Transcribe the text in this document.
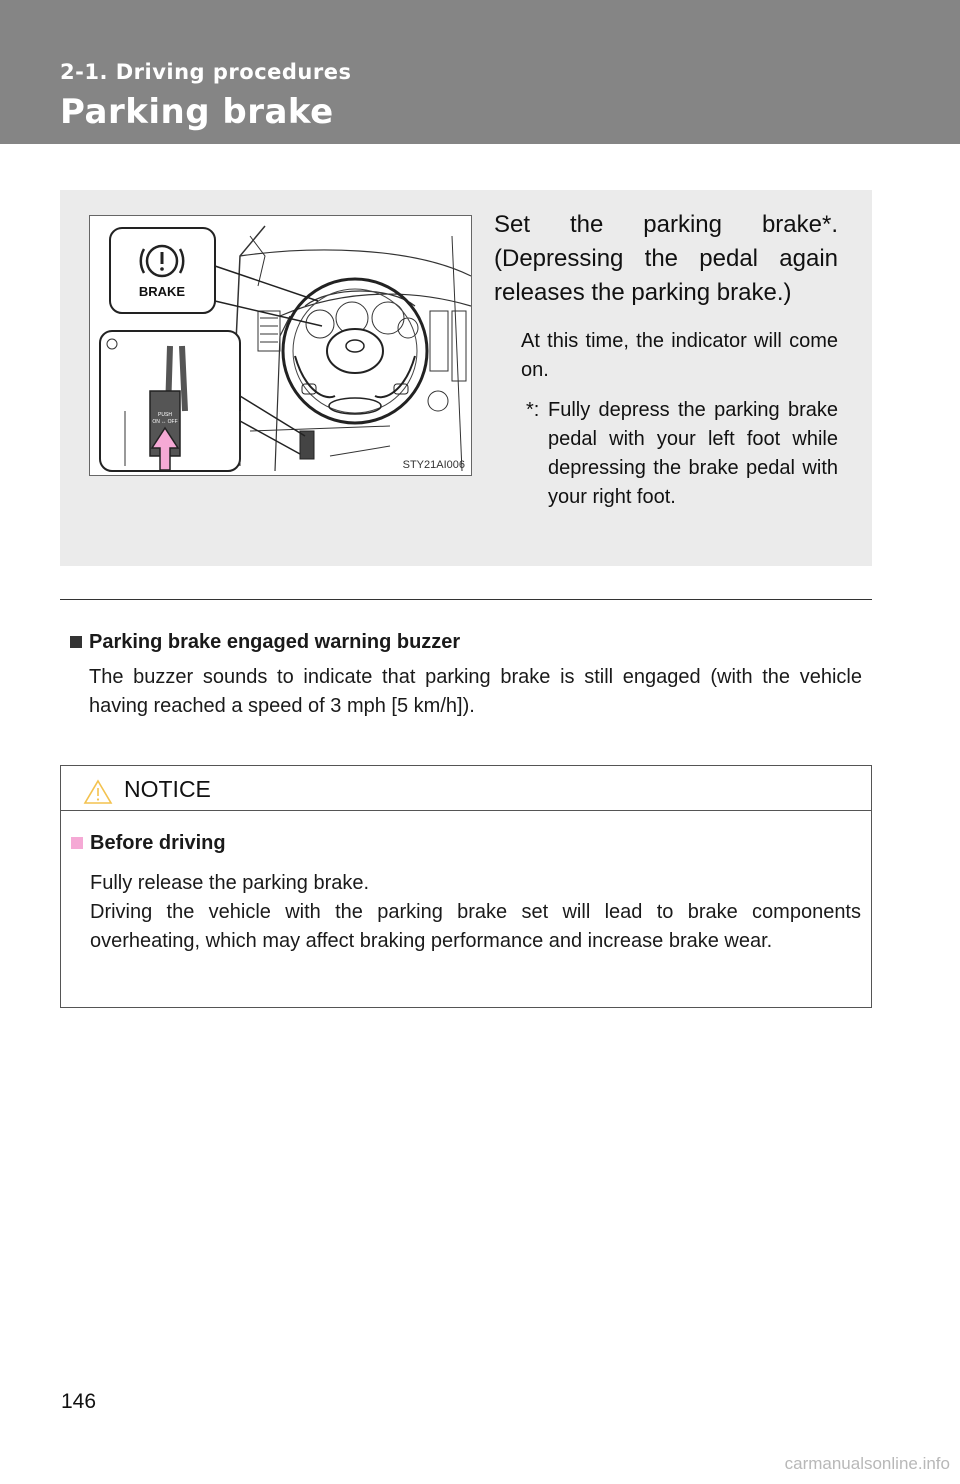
2-1. Driving procedures
Parking brake
BRAKE
PUSH
ON ↔ OFF
STY21AI006
Set the parking brake*. (Depressing the pedal again releases the parking brake.)
At this time, the indicator will come on.
*: Fully depress the parking brake pedal with your left foot while depressing the brake pedal with your right foot.
Parking brake engaged warning buzzer
The buzzer sounds to indicate that parking brake is still engaged (with the vehicle having reached a speed of 3 mph [5 km/h]).
NOTICE
Before driving
Fully release the parking brake.
Driving the vehicle with the parking brake set will lead to brake components overheating, which may affect braking performance and increase brake wear.
146
carmanualsonline.info
